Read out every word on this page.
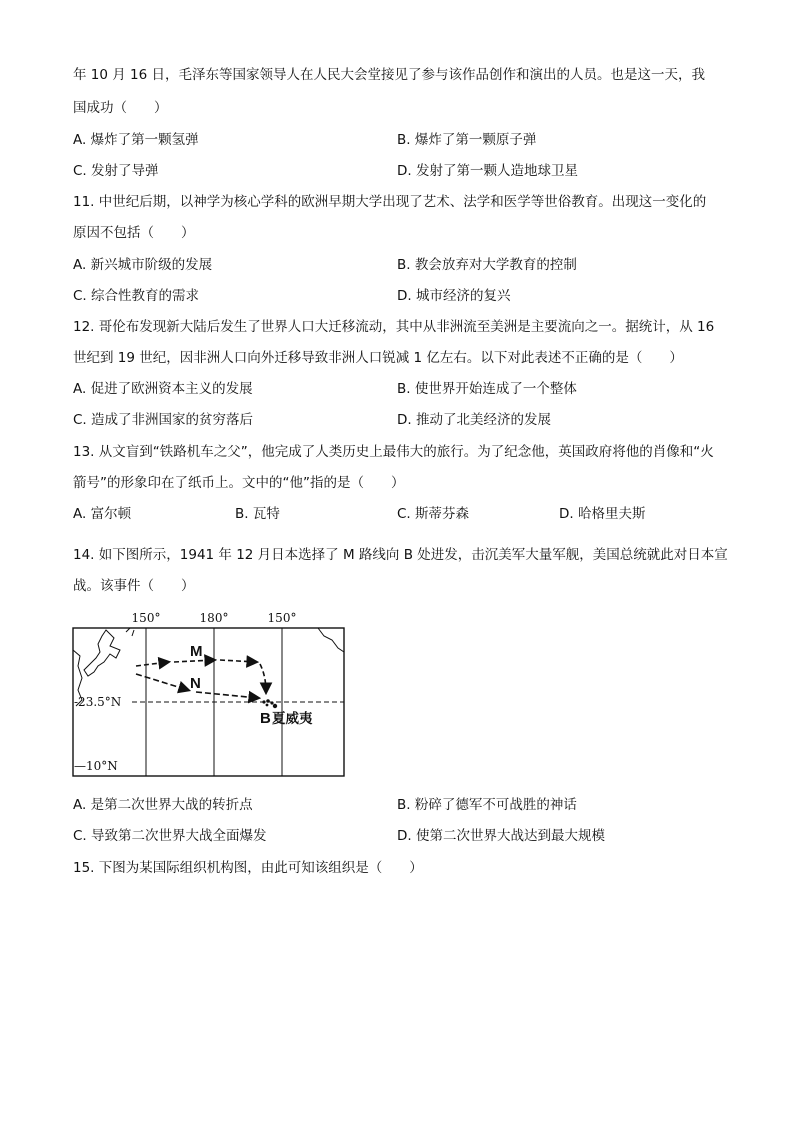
年 10 月 16 日，毛泽东等国家领导人在人民大会堂接见了参与该作品创作和演出的人员。也是这一天，我
国成功（　　）
A. 爆炸了第一颗氢弹	B. 爆炸了第一颗原子弹
C. 发射了导弹	D. 发射了第一颗人造地球卫星
11. 中世纪后期，以神学为核心学科的欧洲早期大学出现了艺术、法学和医学等世俗教育。出现这一变化的
原因不包括（　　）
A. 新兴城市阶级的发展	B. 教会放弃对大学教育的控制
C. 综合性教育的需求	D. 城市经济的复兴
12. 哥伦布发现新大陆后发生了世界人口大迁移流动，其中从非洲流至美洲是主要流向之一。据统计，从 16
世纪到 19 世纪，因非洲人口向外迁移导致非洲人口锐减 1 亿左右。以下对此表述不正确的是（　　）
A. 促进了欧洲资本主义的发展	B. 使世界开始连成了一个整体
C. 造成了非洲国家的贫穷落后	D. 推动了北美经济的发展
13. 从文盲到“铁路机车之父”，他完成了人类历史上最伟大的旅行。为了纪念他，英国政府将他的肖像和“火
箭号”的形象印在了纸币上。文中的“他”指的是（　　）
A. 富尔顿	B. 瓦特	C. 斯蒂芬森	D. 哈格里夫斯
14. 如下图所示，1941 年 12 月日本选择了 M 路线向 B 处进发，击沉美军大量军舰，美国总统就此对日本宣
战。该事件（　　）
150°	180°	150°
-23.5°N
—10°N
M
N
B 夏威夷
A. 是第二次世界大战的转折点	B. 粉碎了德军不可战胜的神话
C. 导致第二次世界大战全面爆发	D. 使第二次世界大战达到最大规模
15. 下图为某国际组织机构图，由此可知该组织是（　　）
